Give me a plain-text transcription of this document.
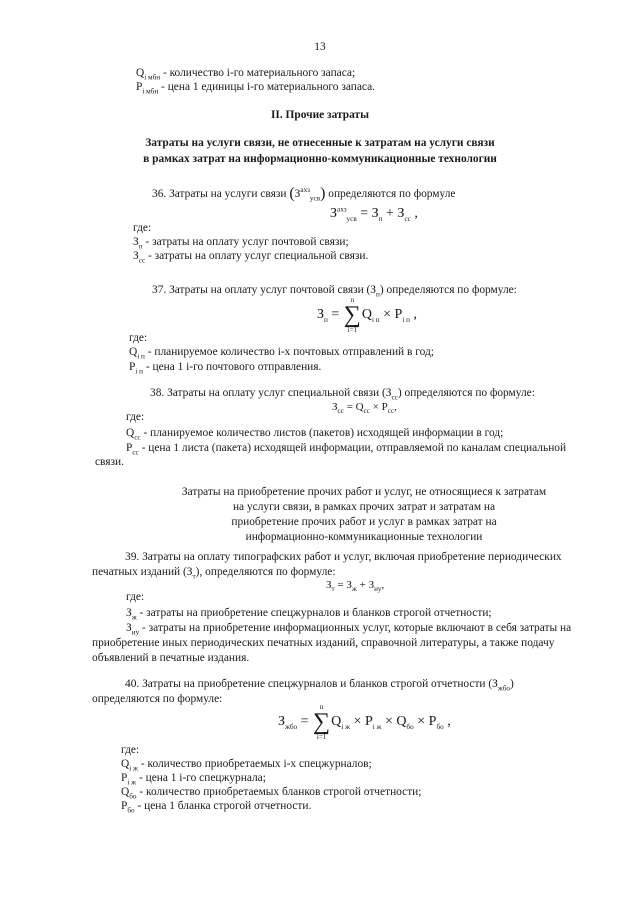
13
$Q_{i мбн}$ - количество i-го материального запаса;
$P_{i мбн}$ - цена 1 единицы i-го материального запаса.
II. Прочие затраты
Затраты на услуги связи, не отнесенные к затратам на услуги связи
в рамках затрат на информационно-коммуникационные технологии
36. Затраты на услуги связи $(З^{ахз}_{усв})$ определяются по формуле
$З^{ахз}_{усв} = З_п + З_{сс}$ ,
где:
$З_п$ - затраты на оплату услуг почтовой связи;
$З_{сс}$ - затраты на оплату услуг специальной связи.
37. Затраты на оплату услуг почтовой связи $(З_п)$ определяются по формуле:
$З_п$ = ∑
n
i=1
$Q_{i п} \times P_{i п}$ ,
где:
$Q_{i п}$ - планируемое количество i-х почтовых отправлений в год;
$P_{i п}$ - цена 1 i-го почтового отправления.
38. Затраты на оплату услуг специальной связи $(З_{сс})$ определяются по формуле:
$З_{сс} = Q_{сс} \times P_{сс}$,
где:
$Q_{сс}$ - планируемое количество листов (пакетов) исходящей информации в год;
$P_{сс}$ - цена 1 листа (пакета) исходящей информации, отправляемой по каналам специальной
связи.
Затраты на приобретение прочих работ и услуг, не относящиеся к затратам
на услуги связи, в рамках прочих затрат и затратам на
приобретение прочих работ и услуг в рамках затрат на
информационно-коммуникационные технологии
39. Затраты на оплату типографских работ и услуг, включая приобретение периодических
печатных изданий $(З_т)$, определяются по формуле:
$З_т = З_ж + З_{иу}$,
где:
$З_ж$ - затраты на приобретение спецжурналов и бланков строгой отчетности;
$З_{иу}$ - затраты на приобретение информационных услуг, которые включают в себя затраты на
приобретение иных периодических печатных изданий, справочной литературы, а также подачу
объявлений в печатные издания.
40. Затраты на приобретение спецжурналов и бланков строгой отчетности $(З_{жбо})$
определяются по формуле:
$З_{жбо}$ = ∑
n
i=1
$Q_{i ж} \times P_{i ж} \times Q_{бо} \times P_{бо}$ ,
где:
$Q_{i ж}$ - количество приобретаемых i-х спецжурналов;
$P_{i ж}$ - цена 1 i-го спецжурнала;
$Q_{бо}$ - количество приобретаемых бланков строгой отчетности;
$P_{бо}$ - цена 1 бланка строгой отчетности.
